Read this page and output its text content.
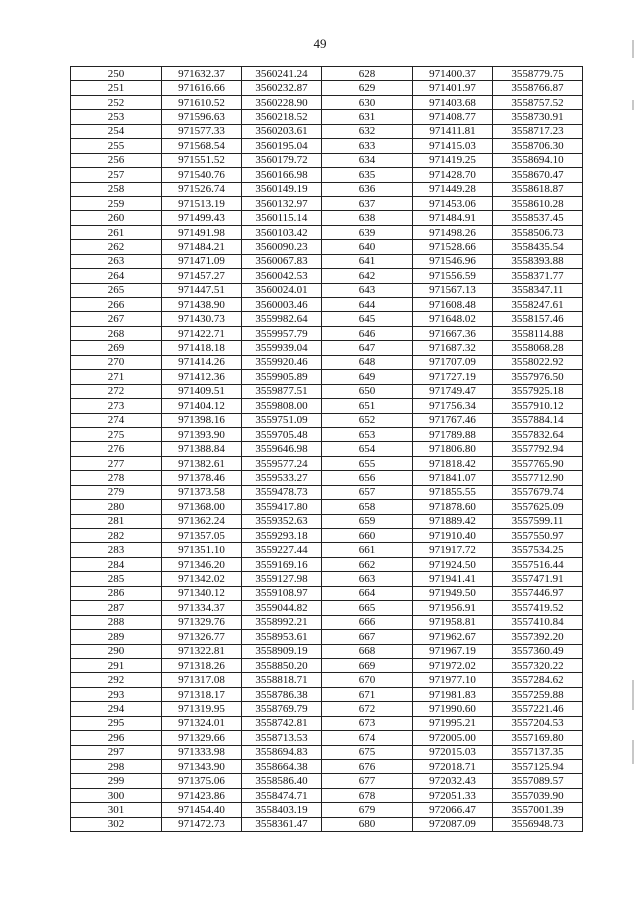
49
250	971632.37	3560241.24	628	971400.37	3558779.75
251	971616.66	3560232.87	629	971401.97	3558766.87
252	971610.52	3560228.90	630	971403.68	3558757.52
253	971596.63	3560218.52	631	971408.77	3558730.91
254	971577.33	3560203.61	632	971411.81	3558717.23
255	971568.54	3560195.04	633	971415.03	3558706.30
256	971551.52	3560179.72	634	971419.25	3558694.10
257	971540.76	3560166.98	635	971428.70	3558670.47
258	971526.74	3560149.19	636	971449.28	3558618.87
259	971513.19	3560132.97	637	971453.06	3558610.28
260	971499.43	3560115.14	638	971484.91	3558537.45
261	971491.98	3560103.42	639	971498.26	3558506.73
262	971484.21	3560090.23	640	971528.66	3558435.54
263	971471.09	3560067.83	641	971546.96	3558393.88
264	971457.27	3560042.53	642	971556.59	3558371.77
265	971447.51	3560024.01	643	971567.13	3558347.11
266	971438.90	3560003.46	644	971608.48	3558247.61
267	971430.73	3559982.64	645	971648.02	3558157.46
268	971422.71	3559957.79	646	971667.36	3558114.88
269	971418.18	3559939.04	647	971687.32	3558068.28
270	971414.26	3559920.46	648	971707.09	3558022.92
271	971412.36	3559905.89	649	971727.19	3557976.50
272	971409.51	3559877.51	650	971749.47	3557925.18
273	971404.12	3559808.00	651	971756.34	3557910.12
274	971398.16	3559751.09	652	971767.46	3557884.14
275	971393.90	3559705.48	653	971789.88	3557832.64
276	971388.84	3559646.98	654	971806.80	3557792.94
277	971382.61	3559577.24	655	971818.42	3557765.90
278	971378.46	3559533.27	656	971841.07	3557712.90
279	971373.58	3559478.73	657	971855.55	3557679.74
280	971368.00	3559417.80	658	971878.60	3557625.09
281	971362.24	3559352.63	659	971889.42	3557599.11
282	971357.05	3559293.18	660	971910.40	3557550.97
283	971351.10	3559227.44	661	971917.72	3557534.25
284	971346.20	3559169.16	662	971924.50	3557516.44
285	971342.02	3559127.98	663	971941.41	3557471.91
286	971340.12	3559108.97	664	971949.50	3557446.97
287	971334.37	3559044.82	665	971956.91	3557419.52
288	971329.76	3558992.21	666	971958.81	3557410.84
289	971326.77	3558953.61	667	971962.67	3557392.20
290	971322.81	3558909.19	668	971967.19	3557360.49
291	971318.26	3558850.20	669	971972.02	3557320.22
292	971317.08	3558818.71	670	971977.10	3557284.62
293	971318.17	3558786.38	671	971981.83	3557259.88
294	971319.95	3558769.79	672	971990.60	3557221.46
295	971324.01	3558742.81	673	971995.21	3557204.53
296	971329.66	3558713.53	674	972005.00	3557169.80
297	971333.98	3558694.83	675	972015.03	3557137.35
298	971343.90	3558664.38	676	972018.71	3557125.94
299	971375.06	3558586.40	677	972032.43	3557089.57
300	971423.86	3558474.71	678	972051.33	3557039.90
301	971454.40	3558403.19	679	972066.47	3557001.39
302	971472.73	3558361.47	680	972087.09	3556948.73
